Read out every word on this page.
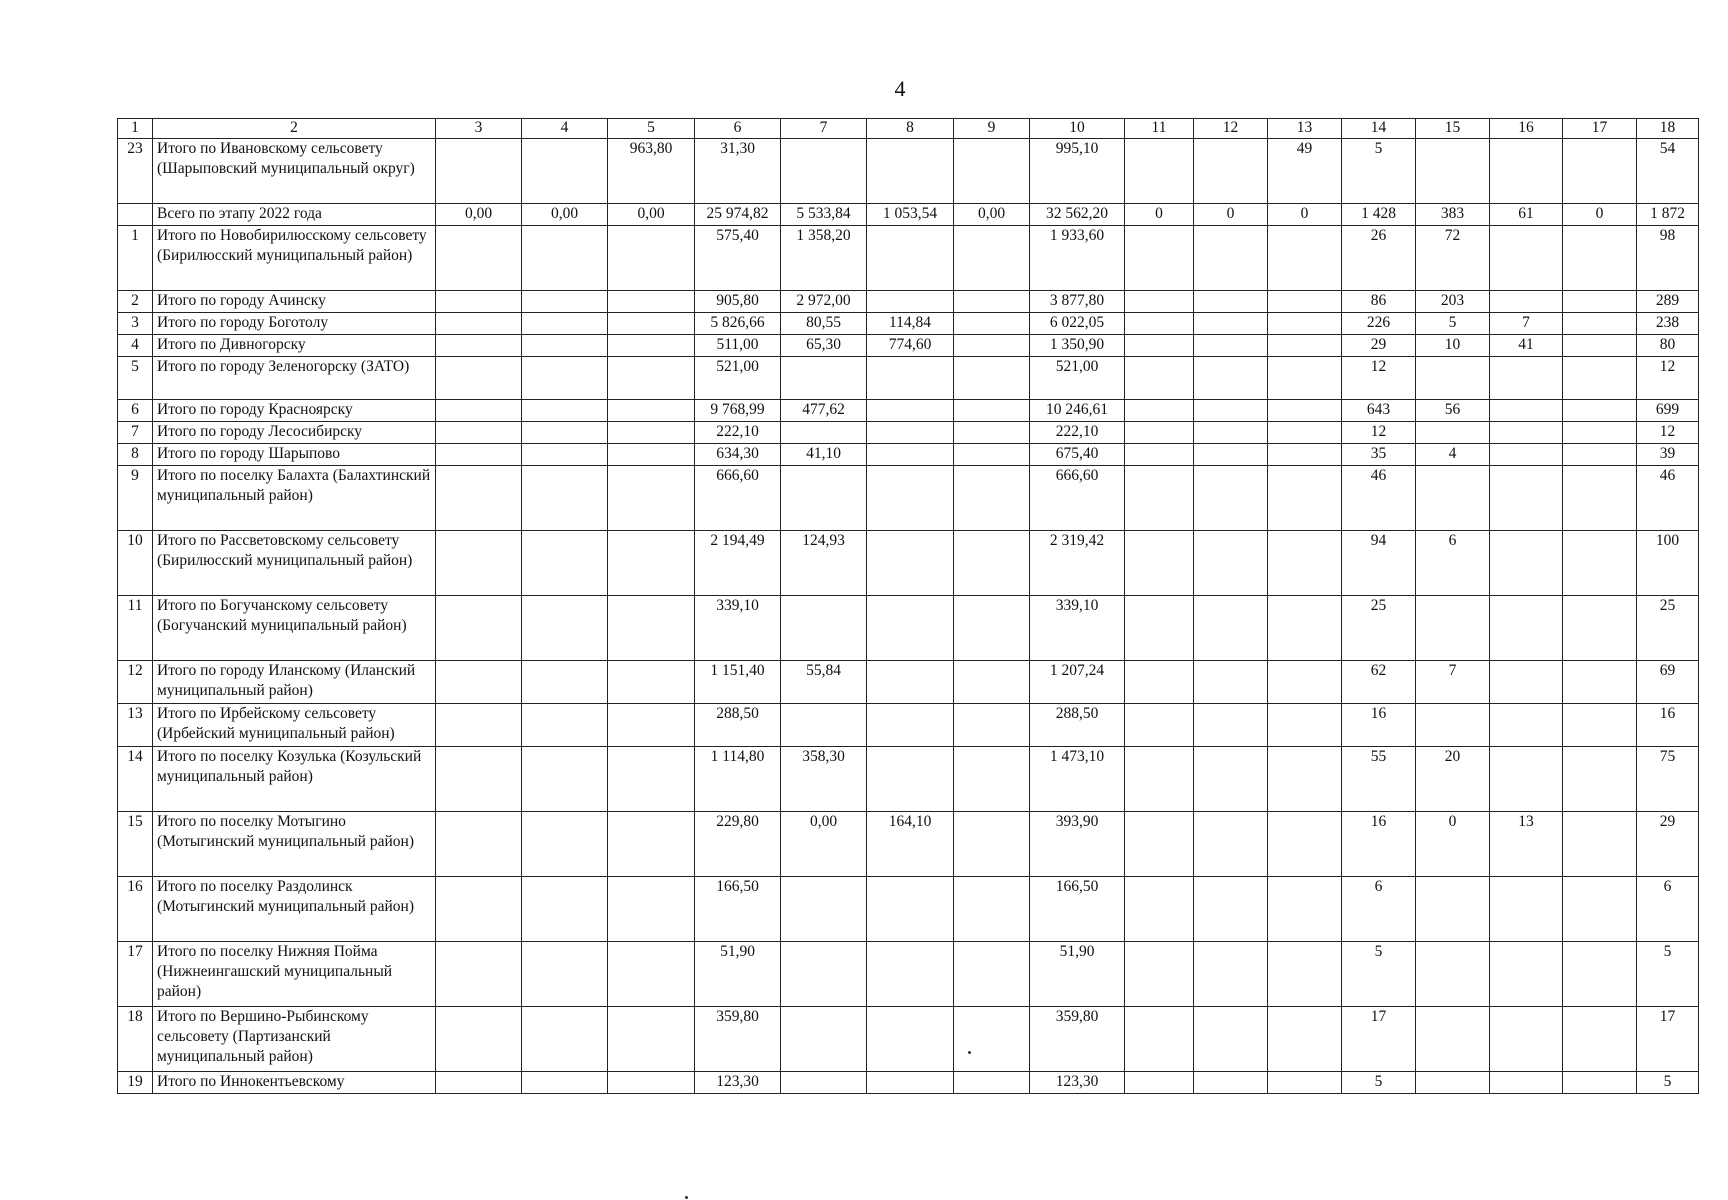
4
1	2	3	4	5	6	7	8	9	10	11	12	13	14	15	16	17	18
23	Итого по Ивановскому сельсовету (Шарыповский муниципальный округ)			963,80	31,30				995,10			49	5				54
	Всего по этапу 2022 года	0,00	0,00	0,00	25 974,82	5 533,84	1 053,54	0,00	32 562,20	0	0	0	1 428	383	61	0	1 872
1	Итого по Новобирилюсскому сельсовету (Бирилюсский муниципальный район)				575,40	1 358,20			1 933,60				26	72			98
2	Итого по городу Ачинску				905,80	2 972,00			3 877,80				86	203			289
3	Итого по городу Боготолу				5 826,66	80,55	114,84		6 022,05				226	5	7		238
4	Итого по Дивногорску				511,00	65,30	774,60		1 350,90				29	10	41		80
5	Итого по городу Зеленогорску (ЗАТО)				521,00				521,00				12				12
6	Итого по городу Красноярску				9 768,99	477,62			10 246,61				643	56			699
7	Итого по городу Лесосибирску				222,10				222,10				12				12
8	Итого по городу Шарыпово				634,30	41,10			675,40				35	4			39
9	Итого по поселку Балахта (Балахтинский муниципальный район)				666,60				666,60				46				46
10	Итого по Рассветовскому сельсовету (Бирилюсский муниципальный район)				2 194,49	124,93			2 319,42				94	6			100
11	Итого по Богучанскому сельсовету (Богучанский муниципальный район)				339,10				339,10				25				25
12	Итого по городу Иланскому (Иланский муниципальный район)				1 151,40	55,84			1 207,24				62	7			69
13	Итого по Ирбейскому сельсовету (Ирбейский муниципальный район)				288,50				288,50				16				16
14	Итого по поселку Козулька (Козульский муниципальный район)				1 114,80	358,30			1 473,10				55	20			75
15	Итого по поселку Мотыгино (Мотыгинский муниципальный район)				229,80	0,00	164,10		393,90				16	0	13		29
16	Итого по поселку Раздолинск (Мотыгинский муниципальный район)				166,50				166,50				6				6
17	Итого по поселку Нижняя Пойма (Нижнеингашский муниципальный район)				51,90				51,90				5				5
18	Итого по Вершино-Рыбинскому сельсовету (Партизанский муниципальный район)				359,80				359,80				17				17
19	Итого по Иннокентьевскому				123,30				123,30				5				5
